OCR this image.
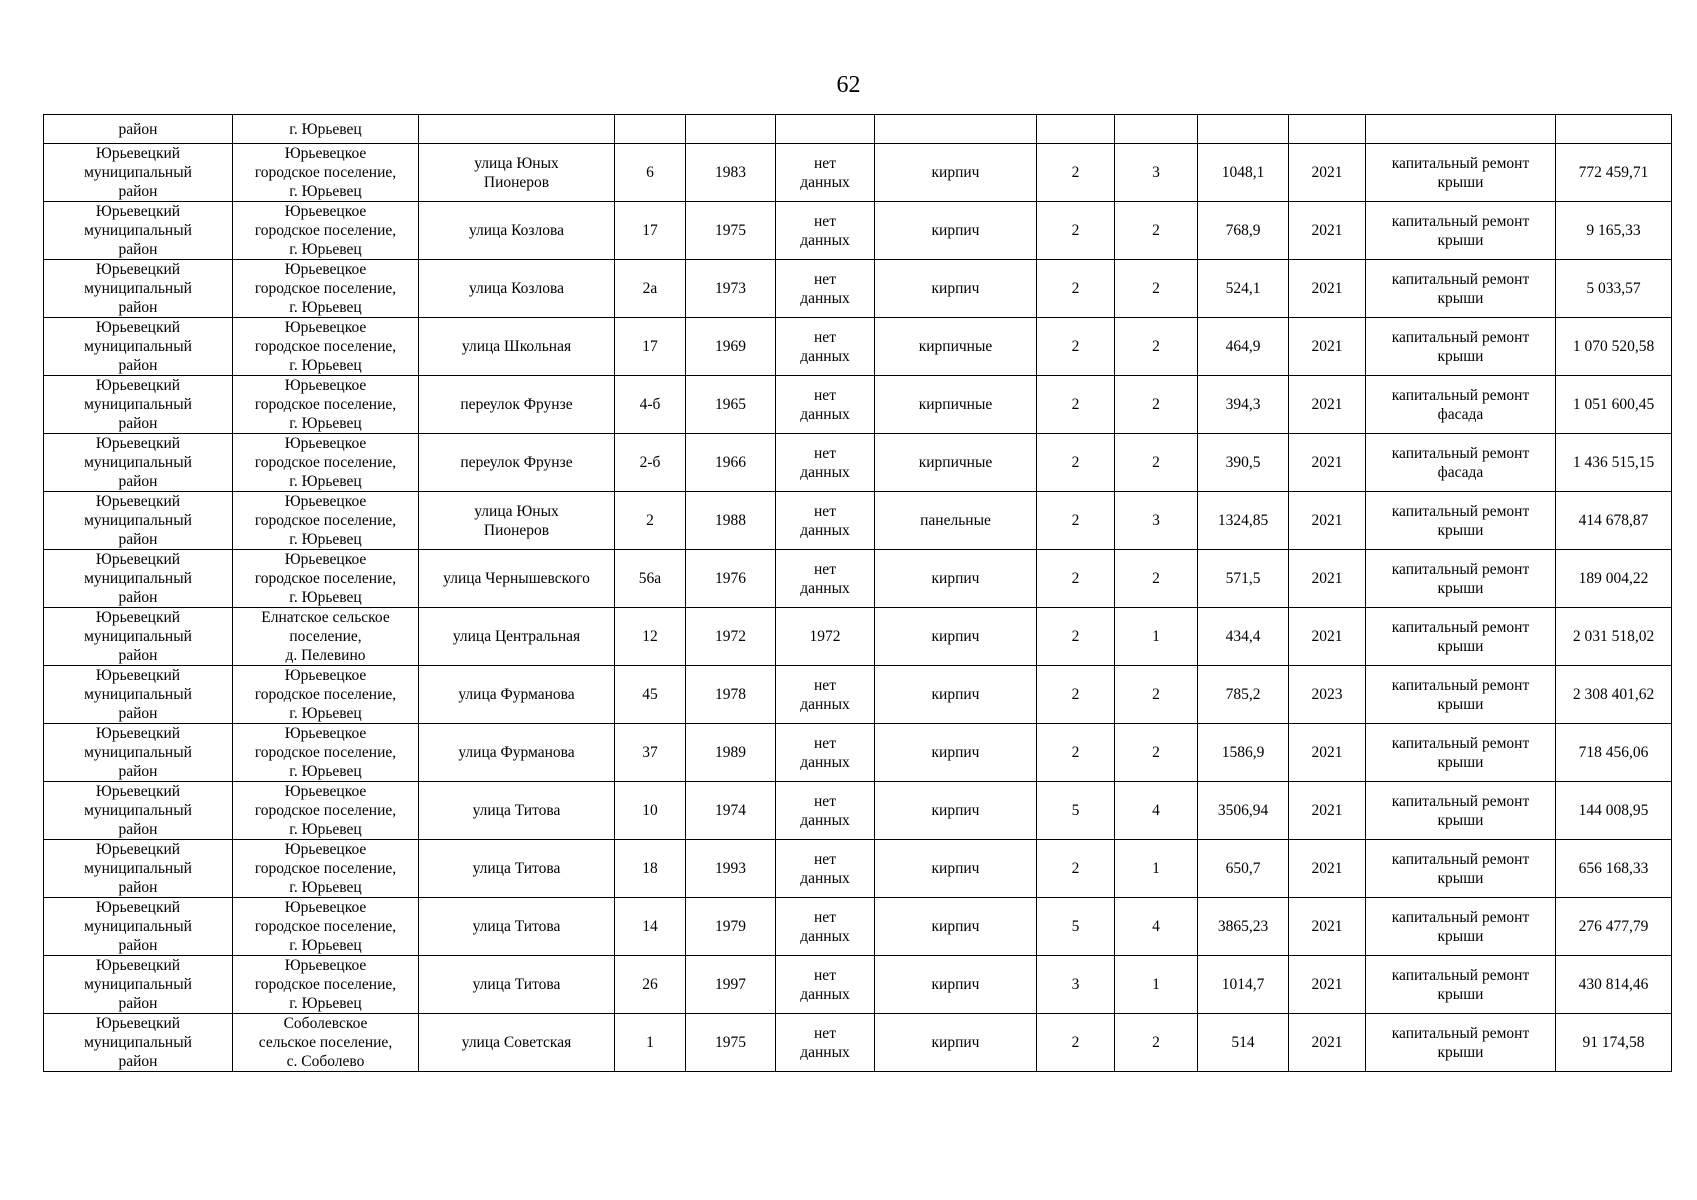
62
район	г. Юрьевец											

Юрьевецкий
муниципальный
район	Юрьевецкое
городское поселение,
г. Юрьевец	улица Юных
Пионеров	6	1983	нет
данных	кирпич	2	3	1048,1	2021	капитальный ремонт
крыши	772 459,71

Юрьевецкий
муниципальный
район	Юрьевецкое
городское поселение,
г. Юрьевец	улица Козлова	17	1975	нет
данных	кирпич	2	2	768,9	2021	капитальный ремонт
крыши	9 165,33

Юрьевецкий
муниципальный
район	Юрьевецкое
городское поселение,
г. Юрьевец	улица Козлова	2а	1973	нет
данных	кирпич	2	2	524,1	2021	капитальный ремонт
крыши	5 033,57

Юрьевецкий
муниципальный
район	Юрьевецкое
городское поселение,
г. Юрьевец	улица Школьная	17	1969	нет
данных	кирпичные	2	2	464,9	2021	капитальный ремонт
крыши	1 070 520,58

Юрьевецкий
муниципальный
район	Юрьевецкое
городское поселение,
г. Юрьевец	переулок Фрунзе	4-б	1965	нет
данных	кирпичные	2	2	394,3	2021	капитальный ремонт
фасада	1 051 600,45

Юрьевецкий
муниципальный
район	Юрьевецкое
городское поселение,
г. Юрьевец	переулок Фрунзе	2-б	1966	нет
данных	кирпичные	2	2	390,5	2021	капитальный ремонт
фасада	1 436 515,15

Юрьевецкий
муниципальный
район	Юрьевецкое
городское поселение,
г. Юрьевец	улица Юных
Пионеров	2	1988	нет
данных	панельные	2	3	1324,85	2021	капитальный ремонт
крыши	414 678,87

Юрьевецкий
муниципальный
район	Юрьевецкое
городское поселение,
г. Юрьевец	улица Чернышевского	56а	1976	нет
данных	кирпич	2	2	571,5	2021	капитальный ремонт
крыши	189 004,22

Юрьевецкий
муниципальный
район	Елнатское сельское
поселение,
д. Пелевино	улица Центральная	12	1972	1972	кирпич	2	1	434,4	2021	капитальный ремонт
крыши	2 031 518,02

Юрьевецкий
муниципальный
район	Юрьевецкое
городское поселение,
г. Юрьевец	улица Фурманова	45	1978	нет
данных	кирпич	2	2	785,2	2023	капитальный ремонт
крыши	2 308 401,62

Юрьевецкий
муниципальный
район	Юрьевецкое
городское поселение,
г. Юрьевец	улица Фурманова	37	1989	нет
данных	кирпич	2	2	1586,9	2021	капитальный ремонт
крыши	718 456,06

Юрьевецкий
муниципальный
район	Юрьевецкое
городское поселение,
г. Юрьевец	улица Титова	10	1974	нет
данных	кирпич	5	4	3506,94	2021	капитальный ремонт
крыши	144 008,95

Юрьевецкий
муниципальный
район	Юрьевецкое
городское поселение,
г. Юрьевец	улица Титова	18	1993	нет
данных	кирпич	2	1	650,7	2021	капитальный ремонт
крыши	656 168,33

Юрьевецкий
муниципальный
район	Юрьевецкое
городское поселение,
г. Юрьевец	улица Титова	14	1979	нет
данных	кирпич	5	4	3865,23	2021	капитальный ремонт
крыши	276 477,79

Юрьевецкий
муниципальный
район	Юрьевецкое
городское поселение,
г. Юрьевец	улица Титова	26	1997	нет
данных	кирпич	3	1	1014,7	2021	капитальный ремонт
крыши	430 814,46

Юрьевецкий
муниципальный
район	Соболевское
сельское поселение,
с. Соболево	улица Советская	1	1975	нет
данных	кирпич	2	2	514	2021	капитальный ремонт
крыши	91 174,58
